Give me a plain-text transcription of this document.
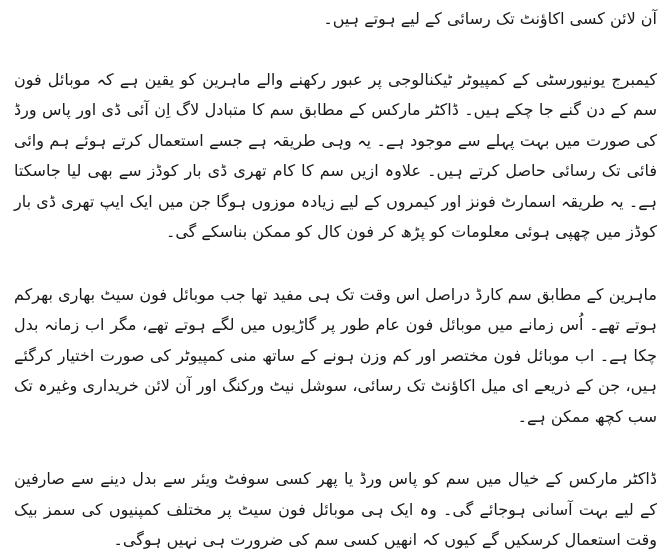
آن لائن کسی اکاؤنٹ تک رسائی کے لیے ہوتے ہیں۔

کیمبرج یونیورسٹی کے کمپیوٹر ٹیکنالوجی پر عبور رکھنے والے ماہرین کو یقین ہے کہ موبائل فون سم کے دن گنے جا چکے ہیں۔ ڈاکٹر مارکس کے مطابق سم کا متبادل لاگ اِن آئی ڈی اور پاس ورڈ کی صورت میں بہت پہلے سے موجود ہے۔ یہ وہی طریقہ ہے جسے استعمال کرتے ہوئے ہم وائی فائی تک رسائی حاصل کرتے ہیں۔ علاوہ ازیں سم کا کام تھری ڈی بار کوڈز سے بھی لیا جاسکتا ہے۔ یہ طریقہ اسمارٹ فونز اور کیمروں کے لیے زیادہ موزوں ہوگا جن میں ایک ایپ تھری ڈی بار کوڈز میں چھپی ہوئی معلومات کو پڑھ کر فون کال کو ممکن بناسکے گی۔

ماہرین کے مطابق سم کارڈ دراصل اس وقت تک ہی مفید تھا جب موبائل فون سیٹ بھاری بھرکم ہوتے تھے۔ اُس زمانے میں موبائل فون عام طور پر گاڑیوں میں لگے ہوتے تھے، مگر اب زمانہ بدل چکا ہے۔ اب موبائل فون مختصر اور کم وزن ہونے کے ساتھ منی کمپیوٹر کی صورت اختیار کرگئے ہیں، جن کے ذریعے ای میل اکاؤنٹ تک رسائی، سوشل نیٹ ورکنگ اور آن لائن خریداری وغیرہ تک سب کچھ ممکن ہے۔

ڈاکٹر مارکس کے خیال میں سم کو پاس ورڈ یا پھر کسی سوفٹ ویئر سے بدل دینے سے صارفین کے لیے بہت آسانی ہوجائے گی۔ وہ ایک ہی موبائل فون سیٹ پر مختلف کمپنیوں کی سمز بیک وقت استعمال کرسکیں گے کیوں کہ انھیں کسی سم کی ضرورت ہی نہیں ہوگی۔
